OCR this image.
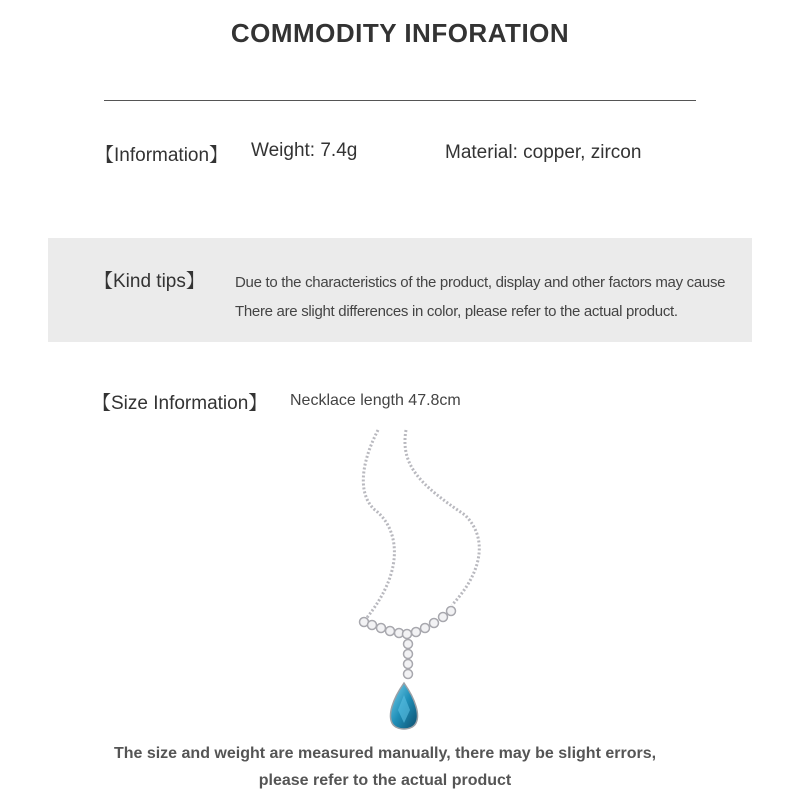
COMMODITY INFORATION
【Information】 Weight: 7.4g	Material: copper, zircon
【Kind tips】 Due to the characteristics of the product, display and other factors may cause
There are slight differences in color, please refer to the actual product.
【Size Information】 Necklace length 47.8cm
The size and weight are measured manually, there may be slight errors,
please refer to the actual product
